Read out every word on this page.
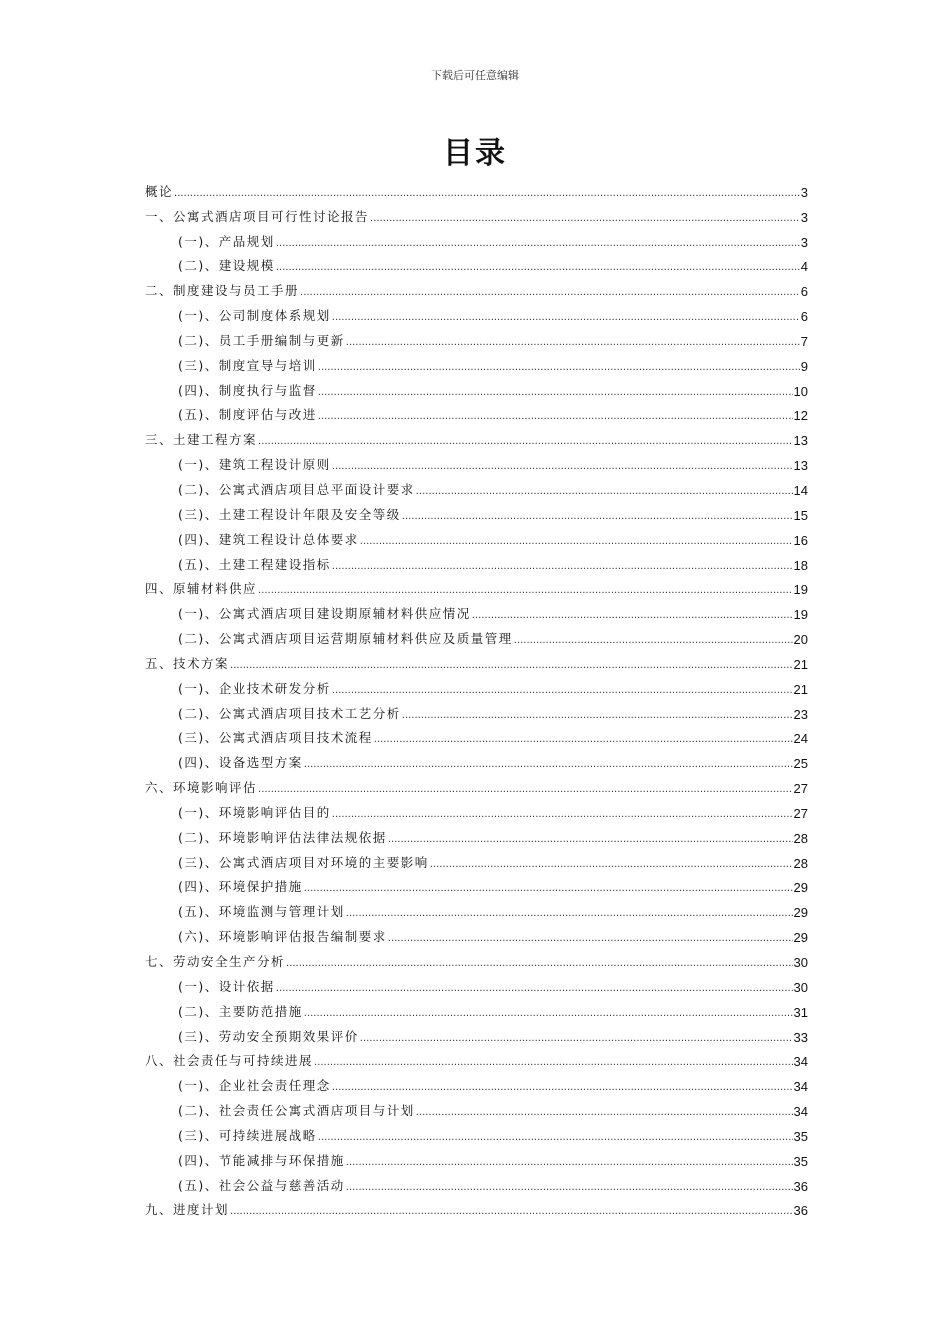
下载后可任意编辑
目录
概论 .....	3
一、公寓式酒店项目可行性讨论报告 .....	3
(一)、产品规划 .....	3
(二)、建设规模 .....	4
二、制度建设与员工手册 .....	6
(一)、公司制度体系规划 .....	6
(二)、员工手册编制与更新 .....	7
(三)、制度宣导与培训 .....	9
(四)、制度执行与监督 .....	10
(五)、制度评估与改进 .....	12
三、土建工程方案 .....	13
(一)、建筑工程设计原则 .....	13
(二)、公寓式酒店项目总平面设计要求 .....	14
(三)、土建工程设计年限及安全等级 .....	15
(四)、建筑工程设计总体要求 .....	16
(五)、土建工程建设指标 .....	18
四、原辅材料供应 .....	19
(一)、公寓式酒店项目建设期原辅材料供应情况 .....	19
(二)、公寓式酒店项目运营期原辅材料供应及质量管理 .....	20
五、技术方案 .....	21
(一)、企业技术研发分析 .....	21
(二)、公寓式酒店项目技术工艺分析 .....	23
(三)、公寓式酒店项目技术流程 .....	24
(四)、设备选型方案 .....	25
六、环境影响评估 .....	27
(一)、环境影响评估目的 .....	27
(二)、环境影响评估法律法规依据 .....	28
(三)、公寓式酒店项目对环境的主要影响 .....	28
(四)、环境保护措施 .....	29
(五)、环境监测与管理计划 .....	29
(六)、环境影响评估报告编制要求 .....	29
七、劳动安全生产分析 .....	30
(一)、设计依据 .....	30
(二)、主要防范措施 .....	31
(三)、劳动安全预期效果评价 .....	33
八、社会责任与可持续进展 .....	34
(一)、企业社会责任理念 .....	34
(二)、社会责任公寓式酒店项目与计划 .....	34
(三)、可持续进展战略 .....	35
(四)、节能减排与环保措施 .....	35
(五)、社会公益与慈善活动 .....	36
九、进度计划 .....	36
